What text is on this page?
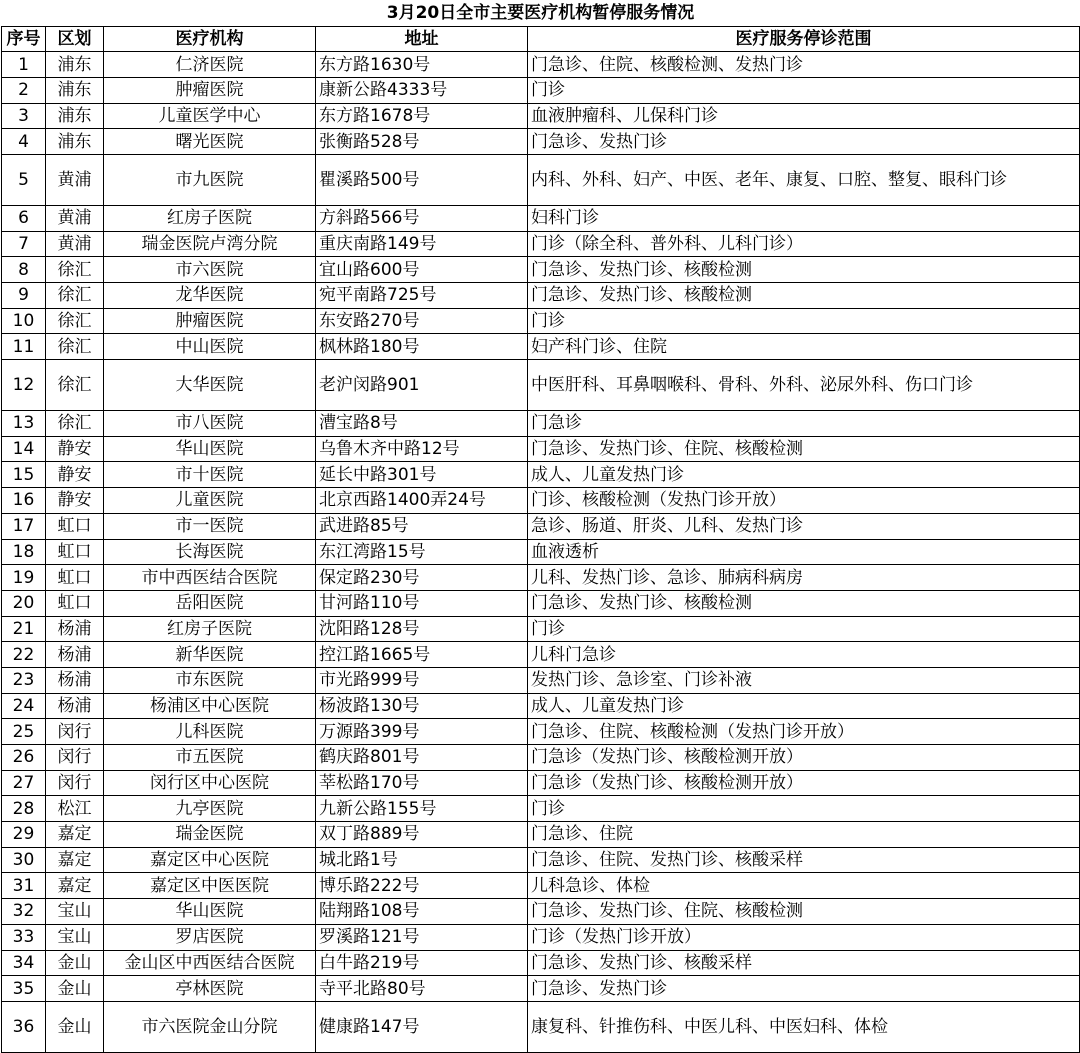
3月20日全市主要医疗机构暂停服务情况				
序号	区划	医疗机构	地址	医疗服务停诊范围
1	浦东	仁济医院	东方路1630号	门急诊、住院、核酸检测、发热门诊
2	浦东	肿瘤医院	康新公路4333号	门诊
3	浦东	儿童医学中心	东方路1678号	血液肿瘤科、儿保科门诊
4	浦东	曙光医院	张衡路528号	门急诊、发热门诊
5	黄浦	市九医院	瞿溪路500号	内科、外科、妇产、中医、老年、康复、口腔、整复、眼科门诊
6	黄浦	红房子医院	方斜路566号	妇科门诊
7	黄浦	瑞金医院卢湾分院	重庆南路149号	门诊（除全科、普外科、儿科门诊）
8	徐汇	市六医院	宜山路600号	门急诊、发热门诊、核酸检测
9	徐汇	龙华医院	宛平南路725号	门急诊、发热门诊、核酸检测
10	徐汇	肿瘤医院	东安路270号	门诊
11	徐汇	中山医院	枫林路180号	妇产科门诊、住院
12	徐汇	大华医院	老沪闵路901	中医肝科、耳鼻咽喉科、骨科、外科、泌尿外科、伤口门诊
13	徐汇	市八医院	漕宝路8号	门急诊
14	静安	华山医院	乌鲁木齐中路12号	门急诊、发热门诊、住院、核酸检测
15	静安	市十医院	延长中路301号	成人、儿童发热门诊
16	静安	儿童医院	北京西路1400弄24号	门诊、核酸检测（发热门诊开放）
17	虹口	市一医院	武进路85号	急诊、肠道、肝炎、儿科、发热门诊
18	虹口	长海医院	东江湾路15号	血液透析
19	虹口	市中西医结合医院	保定路230号	儿科、发热门诊、急诊、肺病科病房
20	虹口	岳阳医院	甘河路110号	门急诊、发热门诊、核酸检测
21	杨浦	红房子医院	沈阳路128号	门诊
22	杨浦	新华医院	控江路1665号	儿科门急诊
23	杨浦	市东医院	市光路999号	发热门诊、急诊室、门诊补液
24	杨浦	杨浦区中心医院	杨波路130号	成人、儿童发热门诊
25	闵行	儿科医院	万源路399号	门急诊、住院、核酸检测（发热门诊开放）
26	闵行	市五医院	鹤庆路801号	门急诊（发热门诊、核酸检测开放）
27	闵行	闵行区中心医院	莘松路170号	门急诊（发热门诊、核酸检测开放）
28	松江	九亭医院	九新公路155号	门诊
29	嘉定	瑞金医院	双丁路889号	门急诊、住院
30	嘉定	嘉定区中心医院	城北路1号	门急诊、住院、发热门诊、核酸采样
31	嘉定	嘉定区中医医院	博乐路222号	儿科急诊、体检
32	宝山	华山医院	陆翔路108号	门急诊、发热门诊、住院、核酸检测
33	宝山	罗店医院	罗溪路121号	门诊（发热门诊开放）
34	金山	金山区中西医结合医院	白牛路219号	门急诊、发热门诊、核酸采样
35	金山	亭林医院	寺平北路80号	门急诊、发热门诊
36	金山	市六医院金山分院	健康路147号	康复科、针推伤科、中医儿科、中医妇科、体检
